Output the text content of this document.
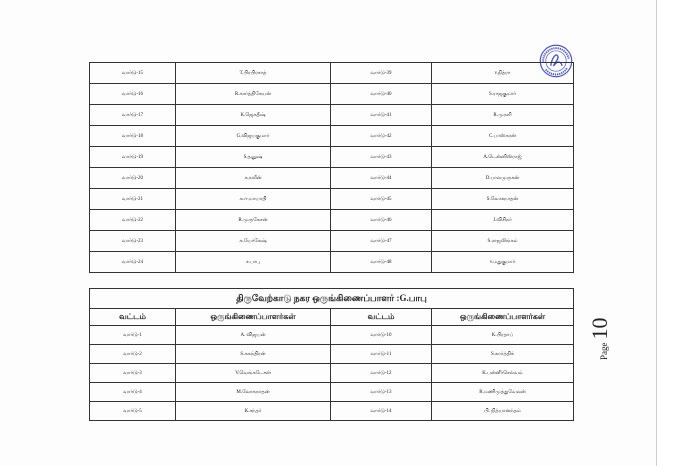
வார்டு-15	T.பிரபிரசாத்	வார்டு-39	v.நித்ரா
வார்டு-16	R.கார்த்திகேயன்	வார்டு-40	S.ராஜகுமார்
வார்டு-17	K.ஜெகதீஷ்	வார்டு-41	R.முரளி
வார்டு-18	G.விஜயகுமார்	வார்டு-42	C.பாஸ்கரன்
வார்டு-19	S.தனுஷ்	வார்டு-43	A.டென்னிஸ்ராஜ்
வார்டு-20	க.நவீன்	வார்டு-44	D.பாலமுருகன்
வார்டு-21	க.ஈ.மாயாதி	வார்டு-45	S.லோகநாதன்
வார்டு-22	R.முருகேசன்	வார்டு-46	J.விசிநர்
வார்டு-23	க.யோகேஷ்	வார்டு-47	S.ராஜலிங்கம்
வார்டு-24	ச.பாபு	வார்டு-48	v.மதுகுமார்
திருவேற்காடு நகர ஒருங்கிணைப்பாளர் :G.பாபு			
வட்டம்	ஒருங்கிணைப்பாளர்கள்	வட்டம்	ஒருங்கிணைப்பாளர்கள்
வார்டு-1	A. விஜயன்	வார்டு-10	K.பிரதாப்
வார்டு-2	S.சுகந்திரன்	வார்டு-11	S.கார்த்திக்
வார்டு-3	V.வெங்கடேசன்	வார்டு-12	K.பன்னீர்செல்வம்
வார்டு-4	M.லோகநாதன்	வார்டு-13	R.மணிமுத்துவேலன்
வார்டு-5	K.சந்தர்	வார்டு-14	பி. நித்யானந்தம்
Page
10
